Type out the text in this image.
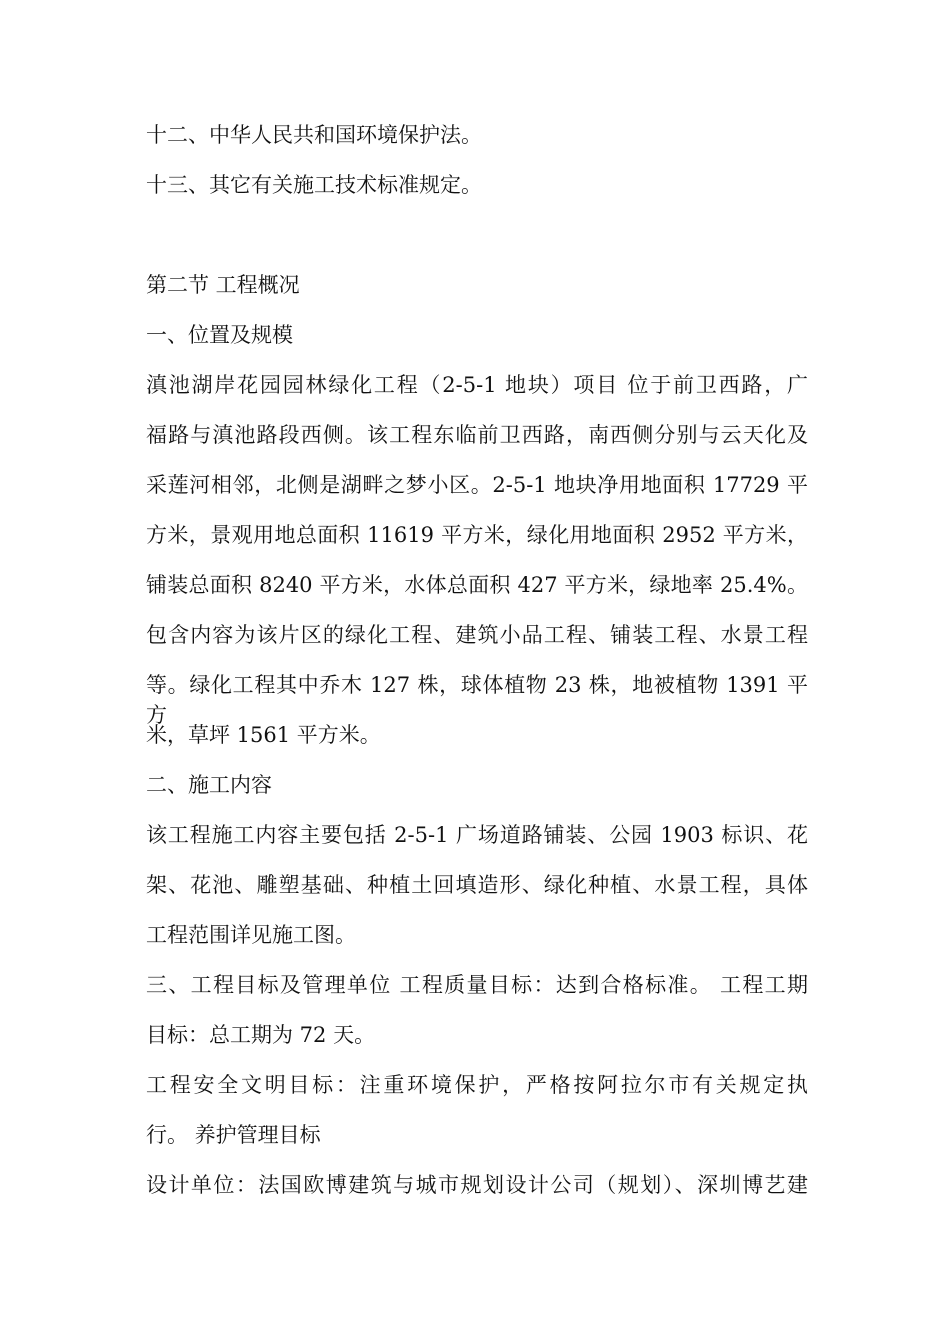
十二、中华人民共和国环境保护法。
十三、其它有关施工技术标准规定。
第二节 工程概况
一、位置及规模
滇池湖岸花园园林绿化工程（2-5-1 地块）项目 位于前卫西路，广
福路与滇池路段西侧。该工程东临前卫西路，南西侧分别与云天化及
采莲河相邻，北侧是湖畔之梦小区。2-5-1 地块净用地面积 17729 平
方米，景观用地总面积 11619 平方米，绿化用地面积 2952 平方米，
铺装总面积 8240 平方米，水体总面积 427 平方米，绿地率 25.4%。
包含内容为该片区的绿化工程、建筑小品工程、铺装工程、水景工程
等。绿化工程其中乔木 127 株，球体植物 23 株，地被植物 1391 平方
米，草坪 1561 平方米。
二、施工内容
该工程施工内容主要包括 2-5-1 广场道路铺装、公园 1903 标识、花
架、花池、雕塑基础、种植土回填造形、绿化种植、水景工程，具体
工程范围详见施工图。
三、工程目标及管理单位 工程质量目标：达到合格标准。 工程工期
目标：总工期为 72 天。
工程安全文明目标：注重环境保护，严格按阿拉尔市有关规定执
行。 养护管理目标
设计单位：法国欧博建筑与城市规划设计公司（规划）、深圳博艺建
